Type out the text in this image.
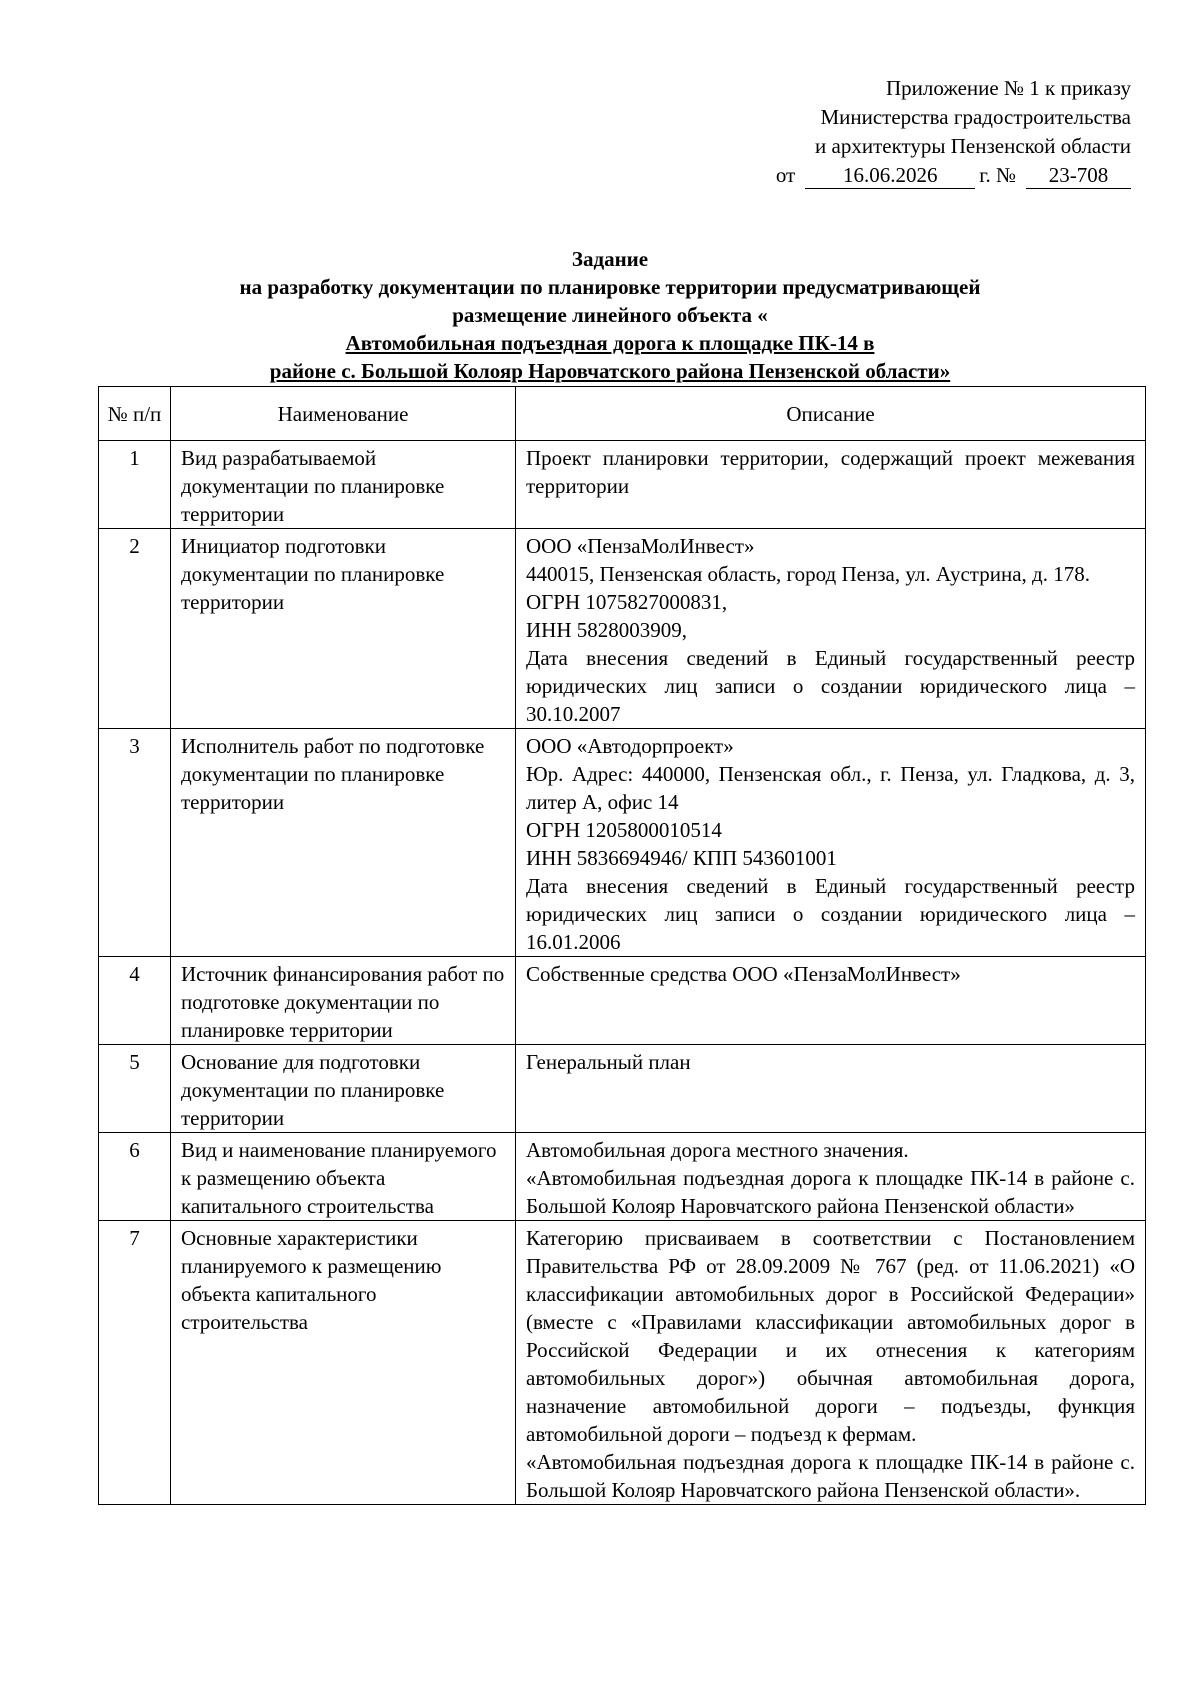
Приложение № 1 к приказу
Министерства градостроительства
и архитектуры Пензенской области
от 16.06.2026 г. № 23-708
Задание
на разработку документации по планировке территории предусматривающей
размещение линейного объекта «
Автомобильная подъездная дорога к площадке ПК-14 в
районе с. Большой Колояр Наровчатского района Пензенской области»
№ п/п	Наименование	Описание
1	Вид разрабатываемой документации по планировке территории	Проект планировки территории, содержащий проект межевания территории

2	Инициатор подготовки документации по планировке территории	ООО «ПензаМолИнвест»
440015, Пензенская область, город Пенза, ул. Аустрина, д. 178.
ОГРН 1075827000831,
ИНН 5828003909,
Дата внесения сведений в Единый государственный реестр юридических лиц записи о создании юридического лица – 30.10.2007

3	Исполнитель работ по подготовке документации по планировке территории	ООО «Автодорпроект»
Юр. Адрес: 440000, Пензенская обл., г. Пенза, ул. Гладкова, д. 3, литер А, офис 14
ОГРН 1205800010514
ИНН 5836694946/ КПП 543601001
Дата внесения сведений в Единый государственный реестр юридических лиц записи о создании юридического лица – 16.01.2006

4	Источник финансирования работ по подготовке документации по планировке территории	Собственные средства ООО «ПензаМолИнвест»

5	Основание для подготовки документации по планировке территории	Генеральный план

6	Вид и наименование планируемого к размещению объекта капитального строительства	Автомобильная дорога местного значения.
«Автомобильная подъездная дорога к площадке ПК-14 в районе с. Большой Колояр Наровчатского района Пензенской области»

7	Основные характеристики планируемого к размещению объекта капитального строительства	Категорию присваиваем в соответствии с Постановлением Правительства РФ от 28.09.2009 № 767 (ред. от 11.06.2021) «О классификации автомобильных дорог в Российской Федерации» (вместе с «Правилами классификации автомобильных дорог в Российской Федерации и их отнесения к категориям автомобильных дорог») обычная автомобильная дорога, назначение автомобильной дороги – подъезды, функция автомобильной дороги – подъезд к фермам.
«Автомобильная подъездная дорога к площадке ПК-14 в районе с. Большой Колояр Наровчатского района Пензенской области».
